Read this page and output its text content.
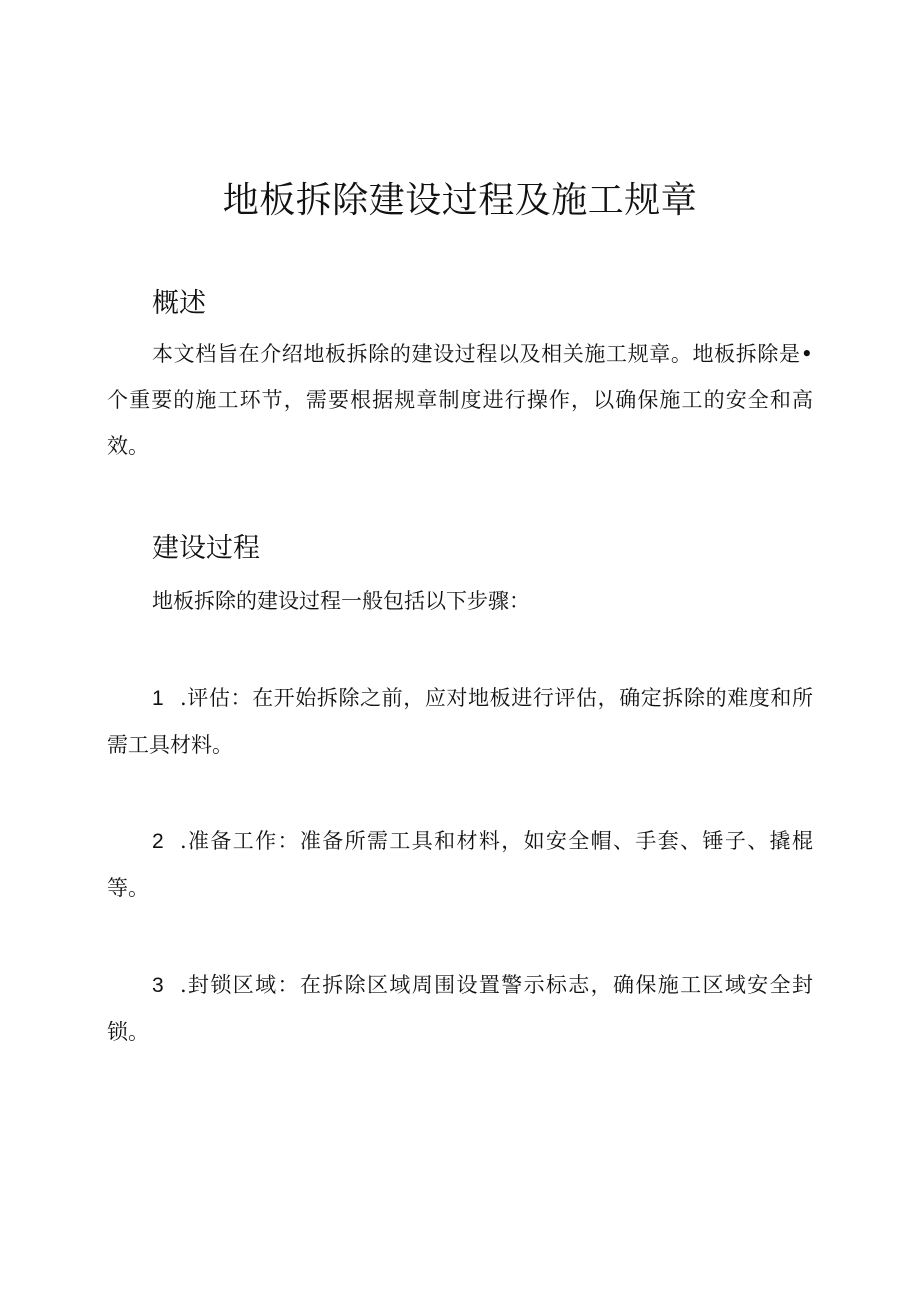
地板拆除建设过程及施工规章
概述

本文档旨在介绍地板拆除的建设过程以及相关施工规章。地板拆除是•个重要的施工环节，需要根据规章制度进行操作，以确保施工的安全和高效。

建设过程

地板拆除的建设过程一般包括以下步骤：

1 .评估：在开始拆除之前，应对地板进行评估，确定拆除的难度和所需工具材料。

2 .准备工作：准备所需工具和材料，如安全帽、手套、锤子、撬棍等。

3 .封锁区域：在拆除区域周围设置警示标志，确保施工区域安全封锁。
